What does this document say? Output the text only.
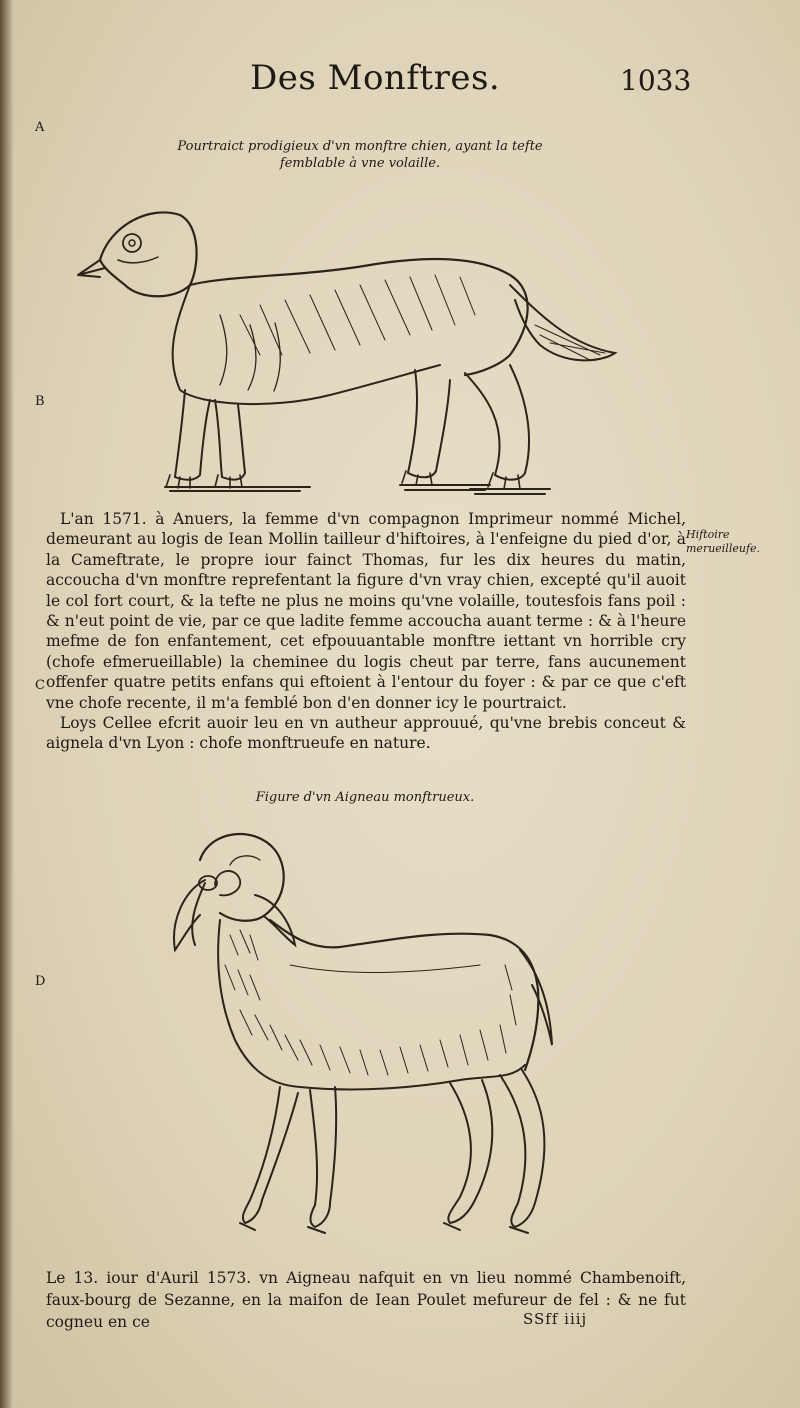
Des Monftres.	1033
A
B
C
D
Pourtraict prodigieux d'vn monftre chien, ayant la tefte
femblable à vne volaille.

L'an 1571. à Anuers, la femme d'vn compagnon Imprimeur nommé Michel, demeurant au logis de Iean Mollin tailleur d'hiftoires, à l'enfeigne du pied d'or, à la Cameftrate, le propre iour fainct Thomas, fur les dix heures du matin, accoucha d'vn monftre reprefentant la figure d'vn vray chien, excepté qu'il auoit le col fort court, & la tefte ne plus ne moins qu'vne volaille, toutesfois fans poil : & n'eut point de vie, par ce que ladite femme accoucha auant terme : & à l'heure mefme de fon enfantement, cet efpouuantable monftre iettant vn horrible cry (chofe efmerueillable) la cheminee du logis cheut par terre, fans aucunement offenfer quatre petits enfans qui eftoient à l'entour du foyer : & par ce que c'eft vne chofe recente, il m'a femblé bon d'en donner icy le pourtraict.

Loys Cellee efcrit auoir leu en vn autheur approuué, qu'vne brebis conceut & aignela d'vn Lyon : chofe monftrueufe en nature.

Hiftoire merueilleufe.
Figure d'vn Aigneau monftrueux.
Le 13. iour d'Auril 1573. vn Aigneau nafquit en vn lieu nommé Chambenoift, faux-bourg de Sezanne, en la maifon de Iean Poulet mefureur de fel : & ne fut cogneu en ce	SSff iiij
